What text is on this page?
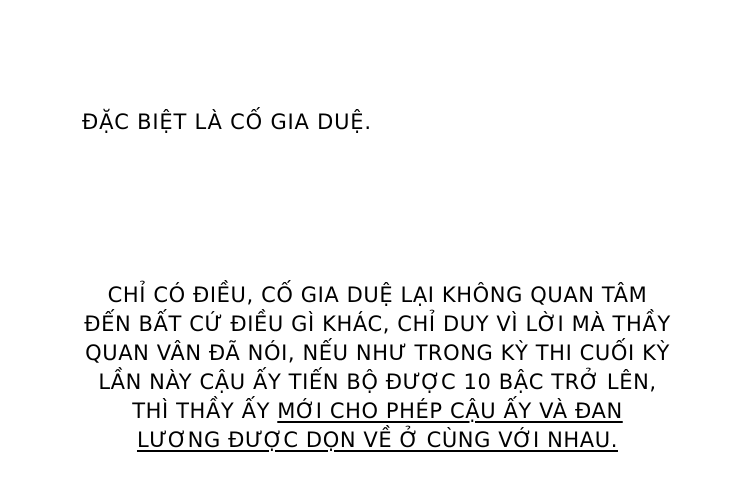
ĐẶC BIỆT LÀ CỐ GIA DUỆ.
CHỈ CÓ ĐIỀU, CỐ GIA DUỆ LẠI KHÔNG QUAN TÂM
ĐẾN BẤT CỨ ĐIỀU GÌ KHÁC, CHỈ DUY VÌ LỜI MÀ THẦY
QUAN VÂN ĐÃ NÓI, NẾU NHƯ TRONG KỲ THI CUỐI KỲ
LẦN NÀY CẬU ẤY TIẾN BỘ ĐƯỢC 10 BẬC TRỞ LÊN,
THÌ THẦY ẤY MỚI CHO PHÉP CẬU ẤY VÀ ĐAN
LƯƠNG ĐƯỢC DỌN VỀ Ở CÙNG VỚI NHAU.
